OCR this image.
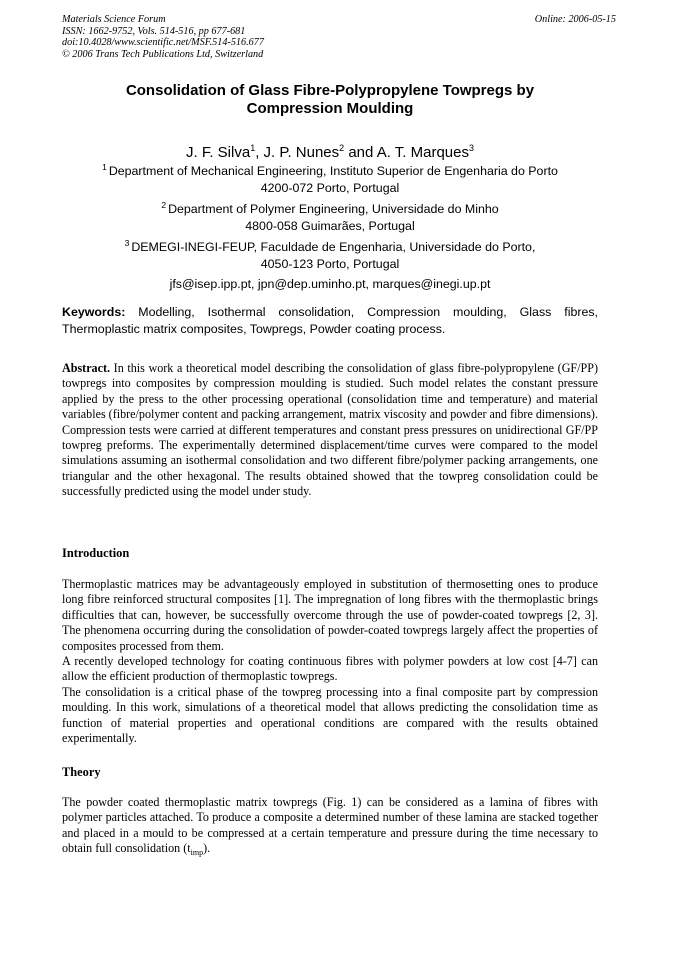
Materials Science Forum
ISSN: 1662-9752, Vols. 514-516, pp 677-681
doi:10.4028/www.scientific.net/MSF.514-516.677
© 2006 Trans Tech Publications Ltd, Switzerland
Online: 2006-05-15
Consolidation of Glass Fibre-Polypropylene Towpregs by
Compression Moulding
J. F. Silva$^1$, J. P. Nunes$^2$ and A. T. Marques$^3$
$^1$ Department of Mechanical Engineering, Instituto Superior de Engenharia do Porto
4200-072 Porto, Portugal
$^2$ Department of Polymer Engineering, Universidade do Minho
4800-058 Guimarães, Portugal
$^3$ DEMEGI-INEGI-FEUP, Faculdade de Engenharia, Universidade do Porto,
4050-123 Porto, Portugal
jfs@isep.ipp.pt, jpn@dep.uminho.pt, marques@inegi.up.pt
Keywords: Modelling, Isothermal consolidation, Compression moulding, Glass fibres, Thermoplastic matrix composites, Towpregs, Powder coating process.

Abstract. In this work a theoretical model describing the consolidation of glass fibre-polypropylene (GF/PP) towpregs into composites by compression moulding is studied. Such model relates the constant pressure applied by the press to the other processing operational (consolidation time and temperature) and material variables (fibre/polymer content and packing arrangement, matrix viscosity and powder and fibre dimensions).

Compression tests were carried at different temperatures and constant press pressures on unidirectional GF/PP towpreg preforms. The experimentally determined displacement/time curves were compared to the model simulations assuming an isothermal consolidation and two different fibre/polymer packing arrangements, one triangular and the other hexagonal. The results obtained showed that the towpreg consolidation could be successfully predicted using the model under study.

Introduction

Thermoplastic matrices may be advantageously employed in substitution of thermosetting ones to produce long fibre reinforced structural composites [1]. The impregnation of long fibres with the thermoplastic brings difficulties that can, however, be successfully overcome through the use of powder-coated towpregs [2, 3]. The phenomena occurring during the consolidation of powder-coated towpregs largely affect the properties of composites processed from them.

A recently developed technology for coating continuous fibres with polymer powders at low cost [4-7] can allow the efficient production of thermoplastic towpregs.

The consolidation is a critical phase of the towpreg processing into a final composite part by compression moulding. In this work, simulations of a theoretical model that allows predicting the consolidation time as function of material properties and operational conditions are compared with the results obtained experimentally.

Theory

The powder coated thermoplastic matrix towpregs (Fig. 1) can be considered as a lamina of fibres with polymer particles attached. To produce a composite a determined number of these lamina are stacked together and placed in a mould to be compressed at a certain temperature and pressure during the time necessary to obtain full consolidation $(t_{imp})$.
